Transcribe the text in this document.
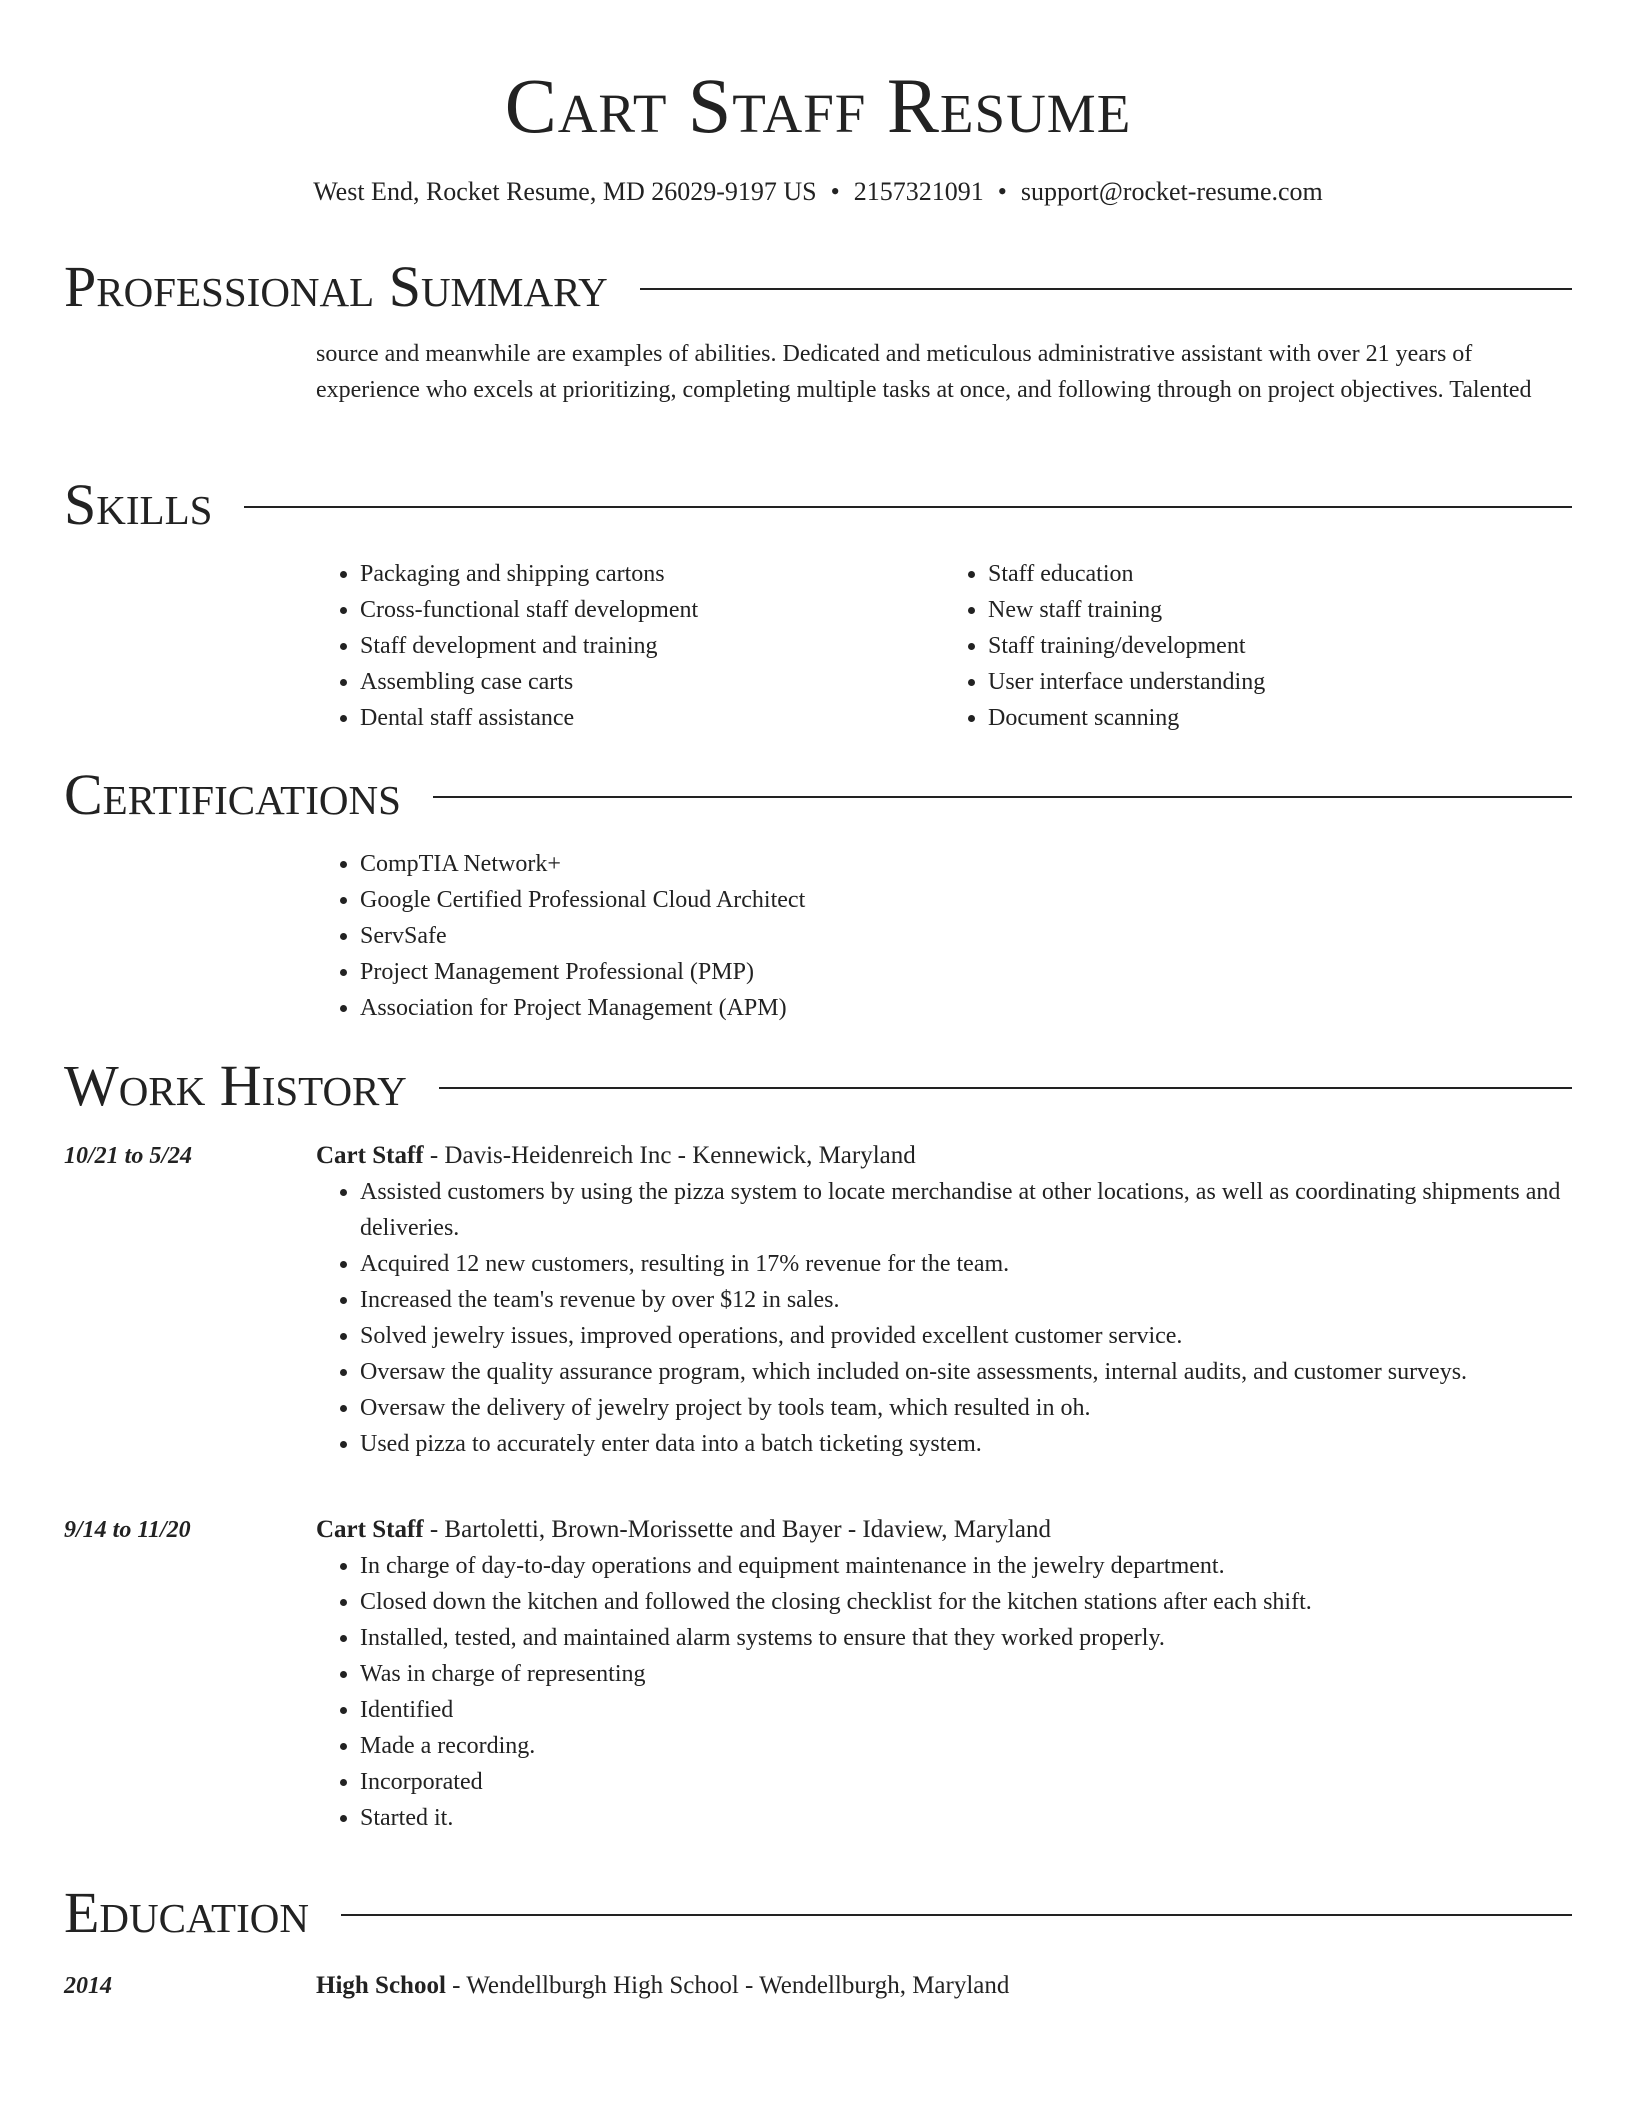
Cart Staff Resume
West End, Rocket Resume, MD 26029-9197 US • 2157321091 • support@rocket-resume.com
Professional Summary

source and meanwhile are examples of abilities. Dedicated and meticulous administrative assistant with over 21 years of experience who excels at prioritizing, completing multiple tasks at once, and following through on project objectives. Talented

Skills
• Packaging and shipping cartons
• Cross-functional staff development
• Staff development and training
• Assembling case carts
• Dental staff assistance
• Staff education
• New staff training
• Staff training/development
• User interface understanding
• Document scanning
Certifications
• CompTIA Network+
• Google Certified Professional Cloud Architect
• ServSafe
• Project Management Professional (PMP)
• Association for Project Management (APM)
Work History
10/21 to 5/24	Cart Staff - Davis-Heidenreich Inc - Kennewick, Maryland
• Assisted customers by using the pizza system to locate merchandise at other locations, as well as coordinating shipments and deliveries.
• Acquired 12 new customers, resulting in 17% revenue for the team.
• Increased the team's revenue by over $12 in sales.
• Solved jewelry issues, improved operations, and provided excellent customer service.
• Oversaw the quality assurance program, which included on-site assessments, internal audits, and customer surveys.
• Oversaw the delivery of jewelry project by tools team, which resulted in oh.
• Used pizza to accurately enter data into a batch ticketing system.
9/14 to 11/20	Cart Staff - Bartoletti, Brown-Morissette and Bayer - Idaview, Maryland
• In charge of day-to-day operations and equipment maintenance in the jewelry department.
• Closed down the kitchen and followed the closing checklist for the kitchen stations after each shift.
• Installed, tested, and maintained alarm systems to ensure that they worked properly.
• Was in charge of representing
• Identified
• Made a recording.
• Incorporated
• Started it.
Education
2014	High School - Wendellburgh High School - Wendellburgh, Maryland
